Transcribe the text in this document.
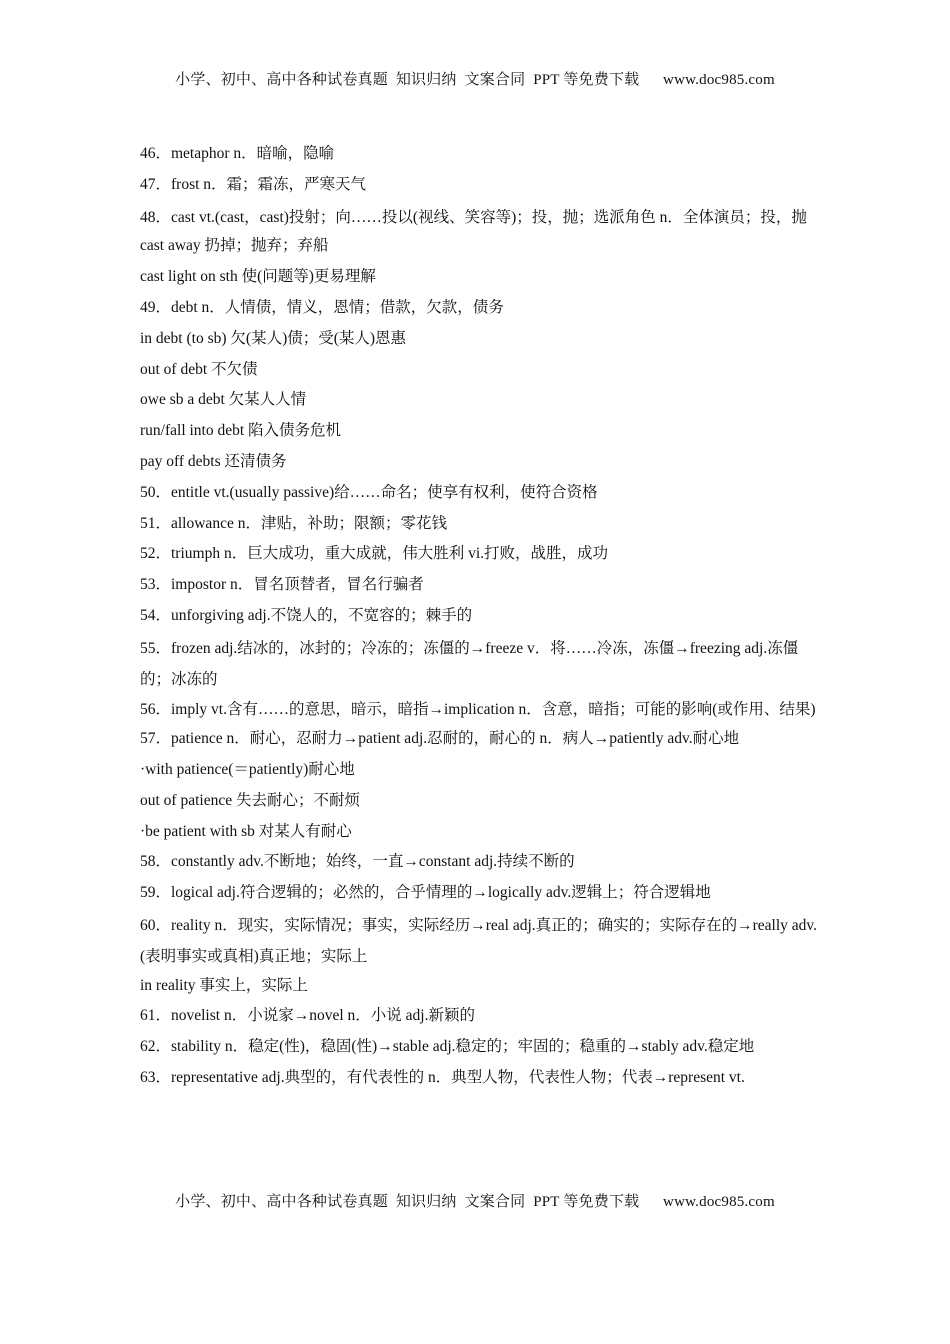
小学、初中、高中各种试卷真题  知识归纳  文案合同  PPT 等免费下载      www.doc985.com
46．metaphor n．暗喻，隐喻
47．frost n．霜；霜冻，严寒天气
48．cast vt.(cast，cast)投射；向……投以(视线、笑容等)；投，抛；选派角色 n．全体演员；投，抛
cast away 扔掉；抛弃；弃船
cast light on sth 使(问题等)更易理解
49．debt n．人情债，情义，恩情；借款，欠款，债务
in debt (to sb) 欠(某人)债；受(某人)恩惠
out of debt 不欠债
owe sb a debt 欠某人人情
run/fall into debt 陷入债务危机
pay off debts 还清债务
50．entitle vt.(usually passive)给……命名；使享有权利，使符合资格
51．allowance n．津贴，补助；限额；零花钱
52．triumph n．巨大成功，重大成就，伟大胜利 vi.打败，战胜，成功
53．impostor n．冒名顶替者，冒名行骗者
54．unforgiving adj.不饶人的，不宽容的；棘手的
55．frozen adj.结冰的，冰封的；冷冻的；冻僵的→freeze v．将……冷冻，冻僵→freezing adj.冻僵的；冰冻的
56．imply vt.含有……的意思，暗示，暗指→implication n．含意，暗指；可能的影响(或作用、结果)
57．patience n．耐心，忍耐力→patient adj.忍耐的，耐心的 n．病人→patiently adv.耐心地
·with patience(＝patiently)耐心地
out of patience 失去耐心；不耐烦
·be patient with sb 对某人有耐心
58．constantly adv.不断地；始终，一直→constant adj.持续不断的
59．logical adj.符合逻辑的；必然的，合乎情理的→logically adv.逻辑上；符合逻辑地
60．reality n．现实，实际情况；事实，实际经历→real adj.真正的；确实的；实际存在的→really adv.(表明事实或真相)真正地；实际上
in reality 事实上，实际上
61．novelist n．小说家→novel n．小说 adj.新颖的
62．stability n．稳定(性)，稳固(性)→stable adj.稳定的；牢固的；稳重的→stably adv.稳定地
63．representative adj.典型的，有代表性的 n．典型人物，代表性人物；代表→represent vt.
小学、初中、高中各种试卷真题  知识归纳  文案合同  PPT 等免费下载      www.doc985.com
